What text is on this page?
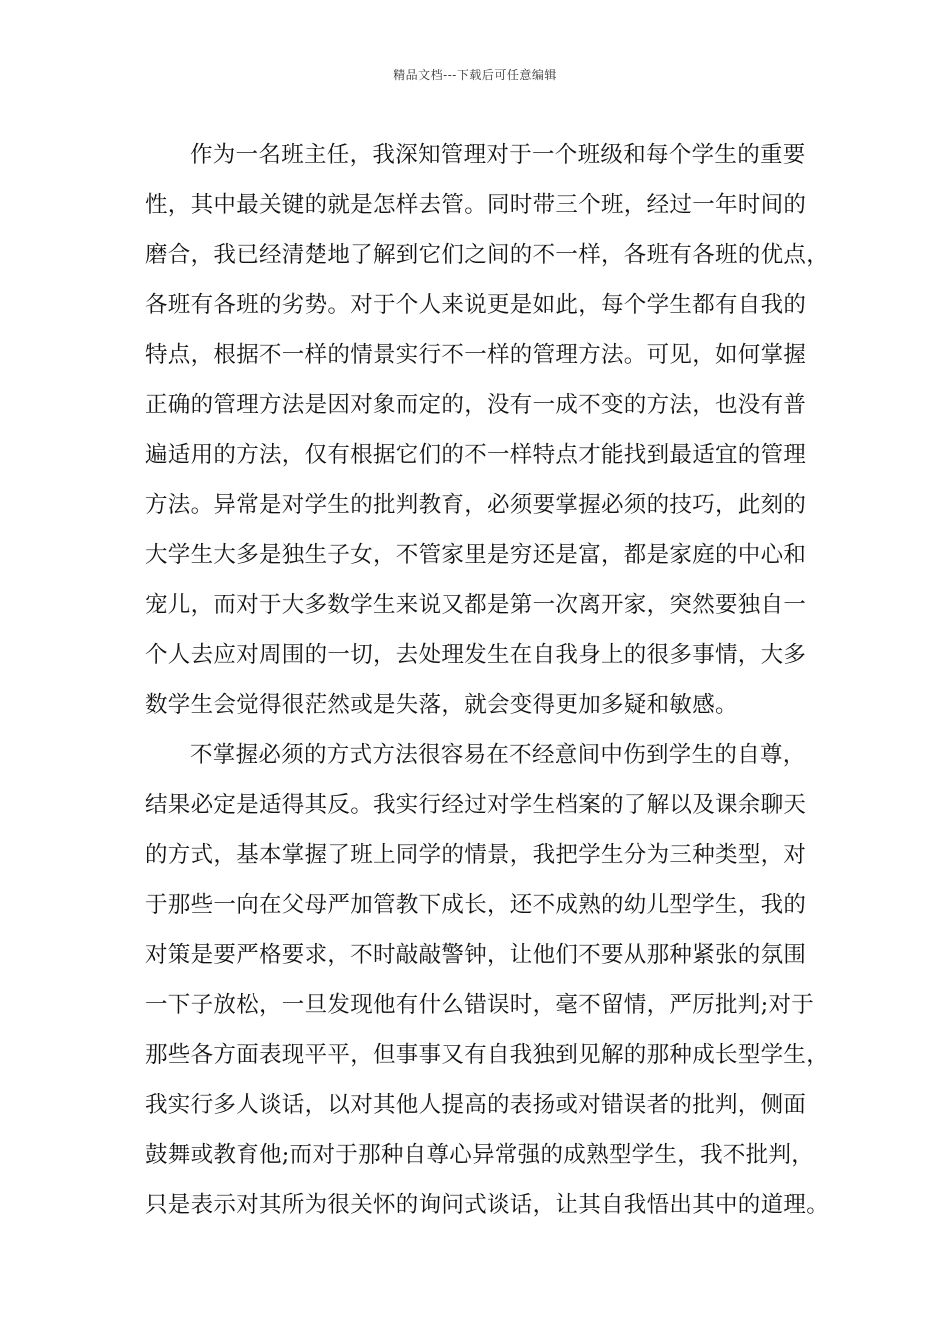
精品文档---下载后可任意编辑
作为一名班主任，我深知管理对于一个班级和每个学生的重要
性，其中最关键的就是怎样去管。同时带三个班，经过一年时间的
磨合，我已经清楚地了解到它们之间的不一样，各班有各班的优点，
各班有各班的劣势。对于个人来说更是如此，每个学生都有自我的
特点，根据不一样的情景实行不一样的管理方法。可见，如何掌握
正确的管理方法是因对象而定的，没有一成不变的方法，也没有普
遍适用的方法，仅有根据它们的不一样特点才能找到最适宜的管理
方法。异常是对学生的批判教育，必须要掌握必须的技巧，此刻的
大学生大多是独生子女，不管家里是穷还是富，都是家庭的中心和
宠儿，而对于大多数学生来说又都是第一次离开家，突然要独自一
个人去应对周围的一切，去处理发生在自我身上的很多事情，大多
数学生会觉得很茫然或是失落，就会变得更加多疑和敏感。
不掌握必须的方式方法很容易在不经意间中伤到学生的自尊，
结果必定是适得其反。我实行经过对学生档案的了解以及课余聊天
的方式，基本掌握了班上同学的情景，我把学生分为三种类型，对
于那些一向在父母严加管教下成长，还不成熟的幼儿型学生，我的
对策是要严格要求，不时敲敲警钟，让他们不要从那种紧张的氛围
一下子放松，一旦发现他有什么错误时，毫不留情，严厉批判;对于
那些各方面表现平平，但事事又有自我独到见解的那种成长型学生，
我实行多人谈话，以对其他人提高的表扬或对错误者的批判，侧面
鼓舞或教育他;而对于那种自尊心异常强的成熟型学生，我不批判，
只是表示对其所为很关怀的询问式谈话，让其自我悟出其中的道理。
